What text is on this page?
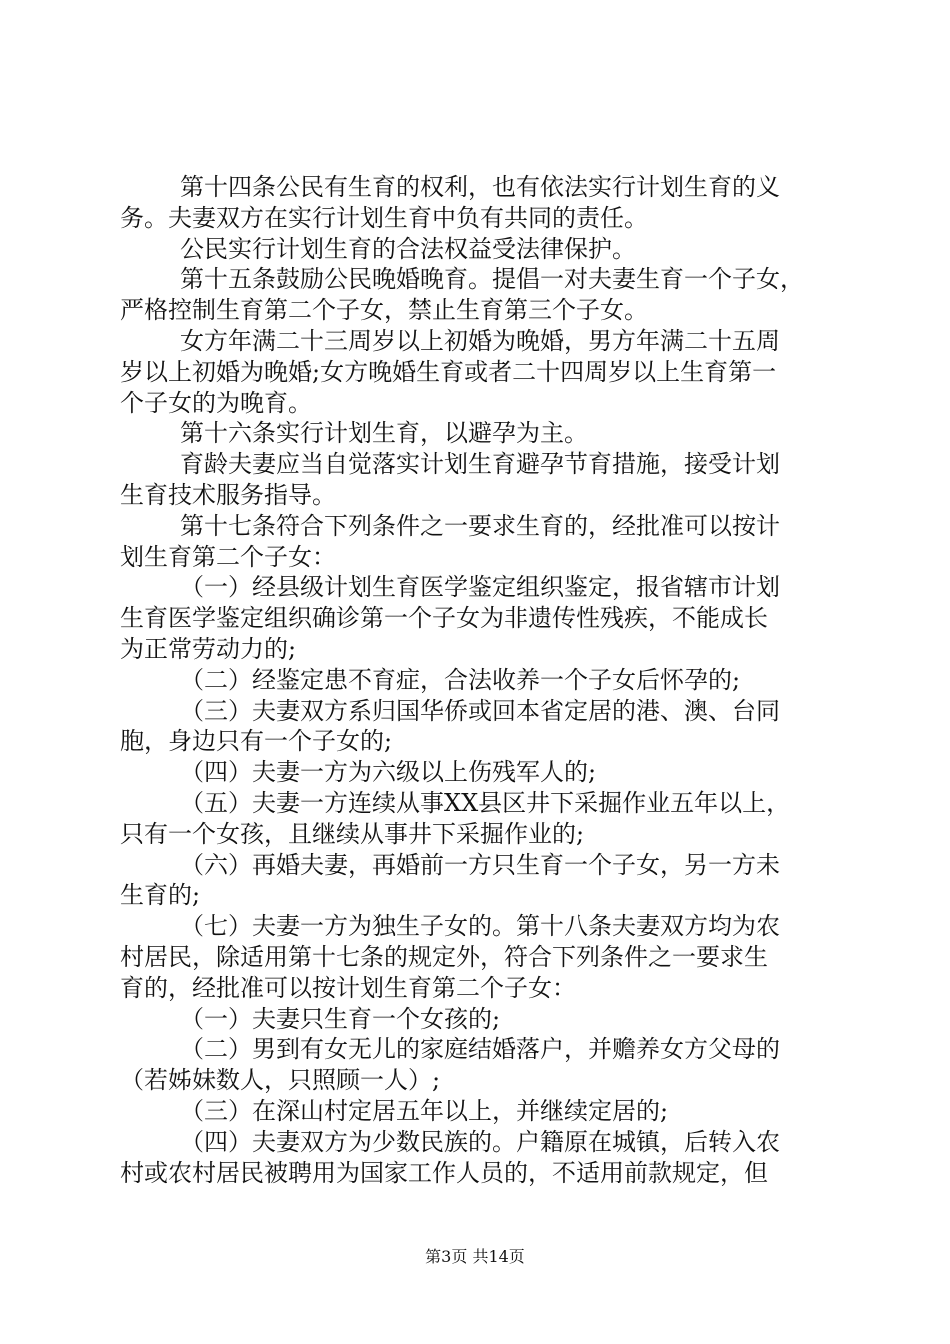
第十四条公民有生育的权利，也有依法实行计划生育的义
务。夫妻双方在实行计划生育中负有共同的责任。
公民实行计划生育的合法权益受法律保护。
第十五条鼓励公民晚婚晚育。提倡一对夫妻生育一个子女，
严格控制生育第二个子女，禁止生育第三个子女。
女方年满二十三周岁以上初婚为晚婚，男方年满二十五周
岁以上初婚为晚婚;女方晚婚生育或者二十四周岁以上生育第一
个子女的为晚育。
第十六条实行计划生育，以避孕为主。
育龄夫妻应当自觉落实计划生育避孕节育措施，接受计划
生育技术服务指导。
第十七条符合下列条件之一要求生育的，经批准可以按计
划生育第二个子女：
（一）经县级计划生育医学鉴定组织鉴定，报省辖市计划
生育医学鉴定组织确诊第一个子女为非遗传性残疾，不能成长
为正常劳动力的;
（二）经鉴定患不育症，合法收养一个子女后怀孕的;
（三）夫妻双方系归国华侨或回本省定居的港、澳、台同
胞，身边只有一个子女的;
（四）夫妻一方为六级以上伤残军人的;
（五）夫妻一方连续从事XX县区井下采掘作业五年以上，
只有一个女孩，且继续从事井下采掘作业的;
（六）再婚夫妻，再婚前一方只生育一个子女，另一方未
生育的;
（七）夫妻一方为独生子女的。第十八条夫妻双方均为农
村居民，除适用第十七条的规定外，符合下列条件之一要求生
育的，经批准可以按计划生育第二个子女：
（一）夫妻只生育一个女孩的;
（二）男到有女无儿的家庭结婚落户，并赡养女方父母的
（若姊妹数人，只照顾一人）;
（三）在深山村定居五年以上，并继续定居的;
（四）夫妻双方为少数民族的。户籍原在城镇，后转入农
村或农村居民被聘用为国家工作人员的，不适用前款规定，但
第3页 共14页
